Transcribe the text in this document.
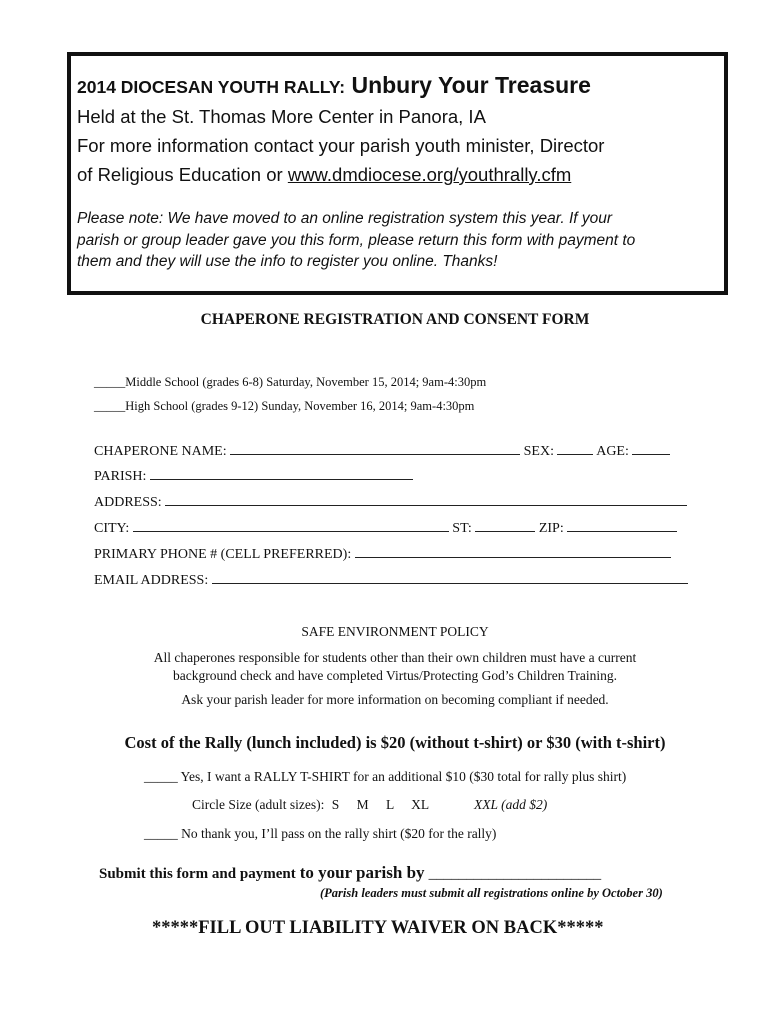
2014 DIOCESAN YOUTH RALLY: Unbury Your Treasure
Held at the St. Thomas More Center in Panora, IA
For more information contact your parish youth minister, Director
of Religious Education or www.dmdiocese.org/youthrally.cfm
Please note: We have moved to an online registration system this year. If your
parish or group leader gave you this form, please return this form with payment to
them and they will use the info to register you online. Thanks!
CHAPERONE REGISTRATION AND CONSENT FORM
_____Middle School (grades 6-8) Saturday, November 15, 2014; 9am-4:30pm
_____High School (grades 9-12) Sunday, November 16, 2014; 9am-4:30pm
CHAPERONE NAME:	SEX:	AGE:
PARISH:
ADDRESS:
CITY:	ST:	ZIP:
PRIMARY PHONE # (CELL PREFERRED):
EMAIL ADDRESS:
SAFE ENVIRONMENT POLICY
All chaperones responsible for students other than their own children must have a current
background check and have completed Virtus/Protecting God’s Children Training.
Ask your parish leader for more information on becoming compliant if needed.
Cost of the Rally (lunch included) is $20 (without t-shirt) or $30 (with t-shirt)
_____ Yes, I want a RALLY T-SHIRT for an additional $10 ($30 total for rally plus shirt)
Circle Size (adult sizes): S M L XL	XXL (add $2)
_____ No thank you, I’ll pass on the rally shirt ($20 for the rally)
Submit this form and payment to your parish by _______________________
(Parish leaders must submit all registrations online by October 30)
*****FILL OUT LIABILITY WAIVER ON BACK*****
